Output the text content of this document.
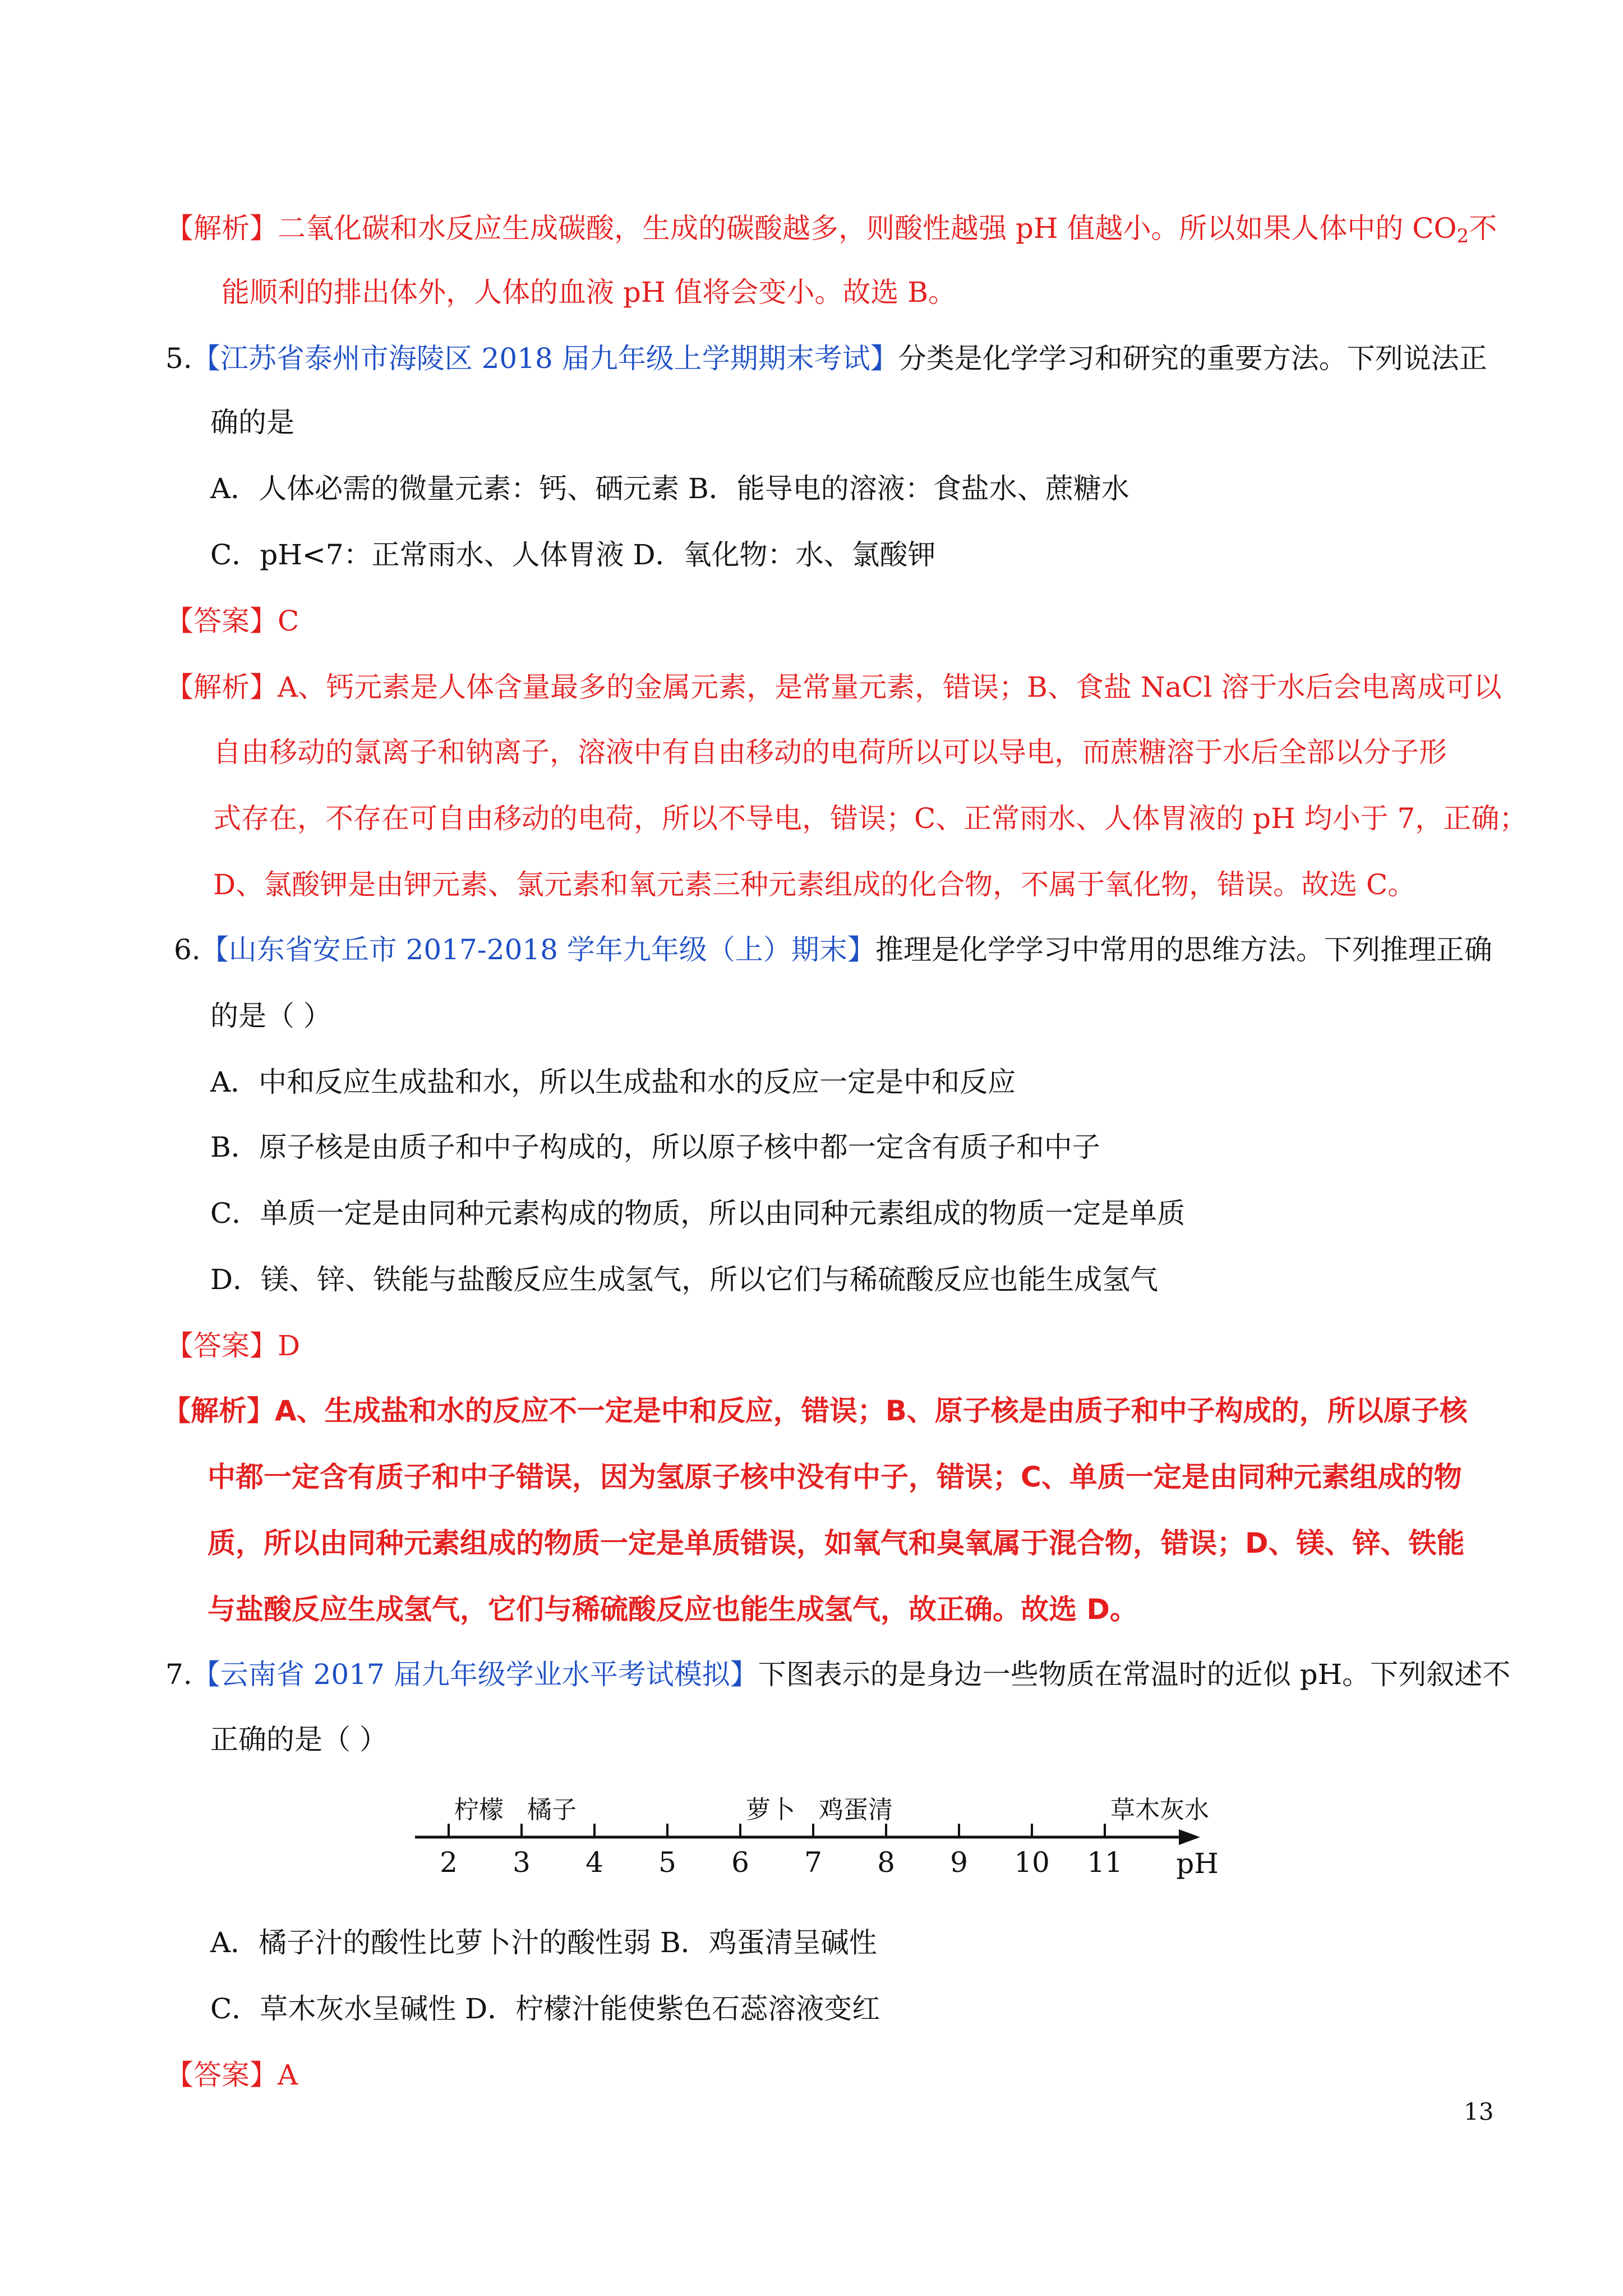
【解析】二氧化碳和水反应生成碳酸，生成的碳酸越多，则酸性越强 pH 值越小。所以如果人体中的 $CO_2$不
能顺利的排出体外，人体的血液 pH 值将会变小。故选 B。
5.【江苏省泰州市海陵区 2018 届九年级上学期期末考试】分类是化学学习和研究的重要方法。下列说法正
确的是
A．人体必需的微量元素：钙、硒元素 B．能导电的溶液：食盐水、蔗糖水
C．pH<7：正常雨水、人体胃液 D．氧化物：水、氯酸钾
【答案】C
【解析】A、钙元素是人体含量最多的金属元素，是常量元素，错误；B、食盐 NaCl 溶于水后会电离成可以
自由移动的氯离子和钠离子，溶液中有自由移动的电荷所以可以导电，而蔗糖溶于水后全部以分子形
式存在，不存在可自由移动的电荷，所以不导电，错误；C、正常雨水、人体胃液的 pH 均小于 7，正确；
D、氯酸钾是由钾元素、氯元素和氧元素三种元素组成的化合物，不属于氧化物，错误。故选 C。
6.【山东省安丘市 2017-2018 学年九年级（上）期末】推理是化学学习中常用的思维方法。下列推理正确
的是（ ）
A．中和反应生成盐和水，所以生成盐和水的反应一定是中和反应
B．原子核是由质子和中子构成的，所以原子核中都一定含有质子和中子
C．单质一定是由同种元素构成的物质，所以由同种元素组成的物质一定是单质
D．镁、锌、铁能与盐酸反应生成氢气，所以它们与稀硫酸反应也能生成氢气
【答案】D
【解析】A、生成盐和水的反应不一定是中和反应，错误；B、原子核是由质子和中子构成的，所以原子核
中都一定含有质子和中子错误，因为氢原子核中没有中子，错误；C、单质一定是由同种元素组成的物
质，所以由同种元素组成的物质一定是单质错误，如氧气和臭氧属于混合物，错误；D、镁、锌、铁能
与盐酸反应生成氢气，它们与稀硫酸反应也能生成氢气，故正确。故选 D。
7.【云南省 2017 届九年级学业水平考试模拟】下图表示的是身边一些物质在常温时的近似 pH。下列叙述不
正确的是（ ）
2 3 4 5 6 7 8 9 10 11 pH
柠檬 橘子	萝卜 鸡蛋清	草木灰水
A．橘子汁的酸性比萝卜汁的酸性弱 B．鸡蛋清呈碱性
C．草木灰水呈碱性 D．柠檬汁能使紫色石蕊溶液变红
【答案】A
13
